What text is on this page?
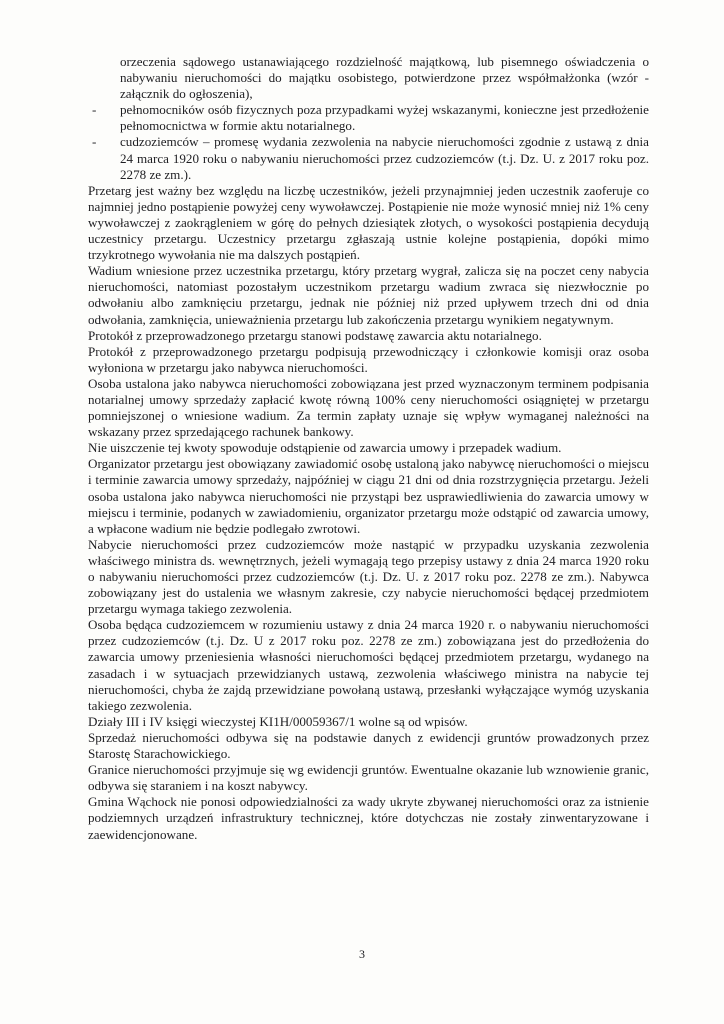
orzeczenia sądowego ustanawiającego rozdzielność majątkową, lub pisemnego oświadczenia o nabywaniu nieruchomości do majątku osobistego, potwierdzone przez współmałżonka (wzór - załącznik do ogłoszenia),

- pełnomocników osób fizycznych poza przypadkami wyżej wskazanymi, konieczne jest przedłożenie pełnomocnictwa w formie aktu notarialnego.

- cudzoziemców – promesę wydania zezwolenia na nabycie nieruchomości zgodnie z ustawą z dnia 24 marca 1920 roku o nabywaniu nieruchomości przez cudzoziemców (t.j. Dz. U. z 2017 roku poz. 2278 ze zm.).

Przetarg jest ważny bez względu na liczbę uczestników, jeżeli przynajmniej jeden uczestnik zaoferuje co najmniej jedno postąpienie powyżej ceny wywoławczej. Postąpienie nie może wynosić mniej niż 1% ceny wywoławczej z zaokrągleniem w górę do pełnych dziesiątek złotych, o wysokości postąpienia decydują uczestnicy przetargu. Uczestnicy przetargu zgłaszają ustnie kolejne postąpienia, dopóki mimo trzykrotnego wywołania nie ma dalszych postąpień.

Wadium wniesione przez uczestnika przetargu, który przetarg wygrał, zalicza się na poczet ceny nabycia nieruchomości, natomiast pozostałym uczestnikom przetargu wadium zwraca się niezwłocznie po odwołaniu albo zamknięciu przetargu, jednak nie później niż przed upływem trzech dni od dnia odwołania, zamknięcia, unieważnienia przetargu lub zakończenia przetargu wynikiem negatywnym.

Protokół z przeprowadzonego przetargu stanowi podstawę zawarcia aktu notarialnego.

Protokół z przeprowadzonego przetargu podpisują przewodniczący i członkowie komisji oraz osoba wyłoniona w przetargu jako nabywca nieruchomości.

Osoba ustalona jako nabywca nieruchomości zobowiązana jest przed wyznaczonym terminem podpisania notarialnej umowy sprzedaży zapłacić kwotę równą 100% ceny nieruchomości osiągniętej w przetargu pomniejszonej o wniesione wadium. Za termin zapłaty uznaje się wpływ wymaganej należności na wskazany przez sprzedającego rachunek bankowy.

Nie uiszczenie tej kwoty spowoduje odstąpienie od zawarcia umowy i przepadek wadium.

Organizator przetargu jest obowiązany zawiadomić osobę ustaloną jako nabywcę nieruchomości o miejscu i terminie zawarcia umowy sprzedaży, najpóźniej w ciągu 21 dni od dnia rozstrzygnięcia przetargu. Jeżeli osoba ustalona jako nabywca nieruchomości nie przystąpi bez usprawiedliwienia do zawarcia umowy w miejscu i terminie, podanych w zawiadomieniu, organizator przetargu może odstąpić od zawarcia umowy, a wpłacone wadium nie będzie podlegało zwrotowi.

Nabycie nieruchomości przez cudzoziemców może nastąpić w przypadku uzyskania zezwolenia właściwego ministra ds. wewnętrznych, jeżeli wymagają tego przepisy ustawy z dnia 24 marca 1920 roku o nabywaniu nieruchomości przez cudzoziemców (t.j. Dz. U. z 2017 roku poz. 2278 ze zm.). Nabywca zobowiązany jest do ustalenia we własnym zakresie, czy nabycie nieruchomości będącej przedmiotem przetargu wymaga takiego zezwolenia.

Osoba będąca cudzoziemcem w rozumieniu ustawy z dnia 24 marca 1920 r. o nabywaniu nieruchomości przez cudzoziemców (t.j. Dz. U z 2017 roku poz. 2278 ze zm.) zobowiązana jest do przedłożenia do zawarcia umowy przeniesienia własności nieruchomości będącej przedmiotem przetargu, wydanego na zasadach i w sytuacjach przewidzianych ustawą, zezwolenia właściwego ministra na nabycie tej nieruchomości, chyba że zajdą przewidziane powołaną ustawą, przesłanki wyłączające wymóg uzyskania takiego zezwolenia.

Działy III i IV księgi wieczystej KI1H/00059367/1 wolne są od wpisów.

Sprzedaż nieruchomości odbywa się na podstawie danych z ewidencji gruntów prowadzonych przez Starostę Starachowickiego.

Granice nieruchomości przyjmuje się wg ewidencji gruntów. Ewentualne okazanie lub wznowienie granic, odbywa się staraniem i na koszt nabywcy.

Gmina Wąchock nie ponosi odpowiedzialności za wady ukryte zbywanej nieruchomości oraz za istnienie podziemnych urządzeń infrastruktury technicznej, które dotychczas nie zostały zinwentaryzowane i zaewidencjonowane.

3
